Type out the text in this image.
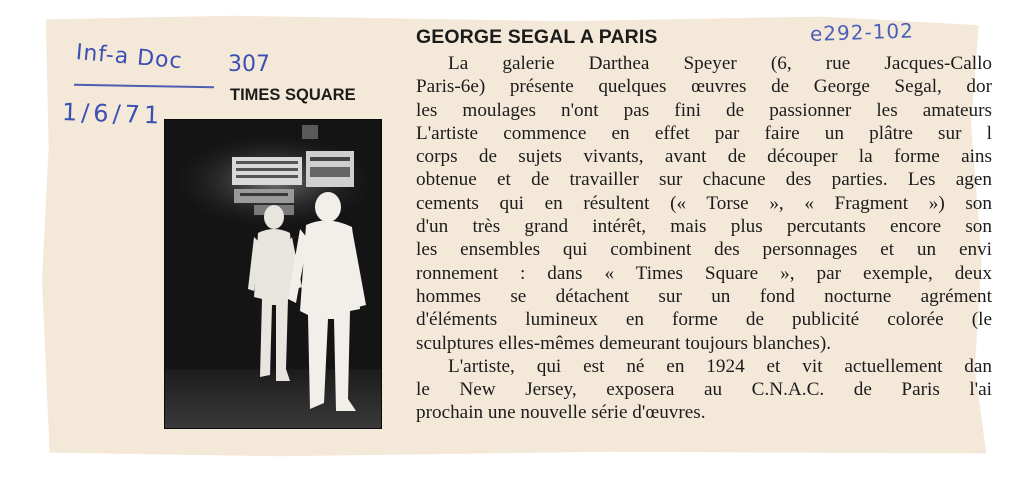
e292-102
Inf-a Doc 307
1/6/71
TIMES SQUARE
GEORGE SEGAL A PARIS
La galerie Darthea Speyer (6, rue Jacques-Callo
Paris-6e) présente quelques œuvres de George Segal, dor
les moulages n'ont pas fini de passionner les amateurs
L'artiste commence en effet par faire un plâtre sur l
corps de sujets vivants, avant de découper la forme ains
obtenue et de travailler sur chacune des parties. Les agen
cements qui en résultent (« Torse », « Fragment ») son
d'un très grand intérêt, mais plus percutants encore son
les ensembles qui combinent des personnages et un envi
ronnement : dans « Times Square », par exemple, deux
hommes se détachent sur un fond nocturne agrément
d'éléments lumineux en forme de publicité colorée (le
sculptures elles-mêmes demeurant toujours blanches).
L'artiste, qui est né en 1924 et vit actuellement dan
le New Jersey, exposera au C.N.A.C. de Paris l'ai
prochain une nouvelle série d'œuvres.
